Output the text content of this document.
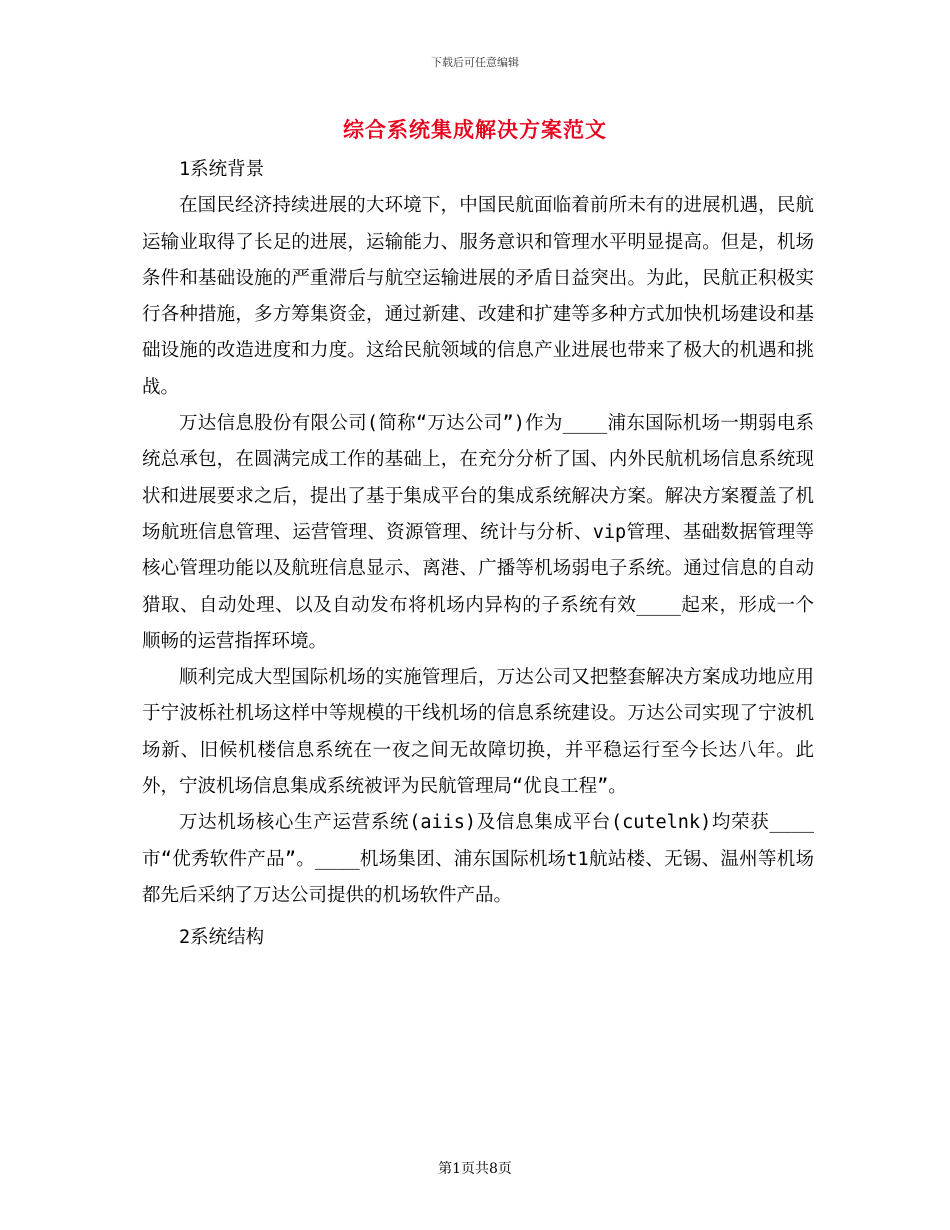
下载后可任意编辑
综合系统集成解决方案范文

1系统背景

在国民经济持续进展的大环境下，中国民航面临着前所未有的进展机遇，民航运输业取得了长足的进展，运输能力、服务意识和管理水平明显提高。但是，机场条件和基础设施的严重滞后与航空运输进展的矛盾日益突出。为此，民航正积极实行各种措施，多方筹集资金，通过新建、改建和扩建等多种方式加快机场建设和基础设施的改造进度和力度。这给民航领域的信息产业进展也带来了极大的机遇和挑战。

万达信息股份有限公司(简称“万达公司”)作为____浦东国际机场一期弱电系统总承包，在圆满完成工作的基础上，在充分分析了国、内外民航机场信息系统现状和进展要求之后，提出了基于集成平台的集成系统解决方案。解决方案覆盖了机场航班信息管理、运营管理、资源管理、统计与分析、vip管理、基础数据管理等核心管理功能以及航班信息显示、离港、广播等机场弱电子系统。通过信息的自动猎取、自动处理、以及自动发布将机场内异构的子系统有效____起来，形成一个顺畅的运营指挥环境。

顺利完成大型国际机场的实施管理后，万达公司又把整套解决方案成功地应用于宁波栎社机场这样中等规模的干线机场的信息系统建设。万达公司实现了宁波机场新、旧候机楼信息系统在一夜之间无故障切换，并平稳运行至今长达八年。此外，宁波机场信息集成系统被评为民航管理局“优良工程”。

万达机场核心生产运营系统(aiis)及信息集成平台(cutelnk)均荣获____市“优秀软件产品”。____机场集团、浦东国际机场t1航站楼、无锡、温州等机场都先后采纳了万达公司提供的机场软件产品。

2系统结构

第1页共8页
